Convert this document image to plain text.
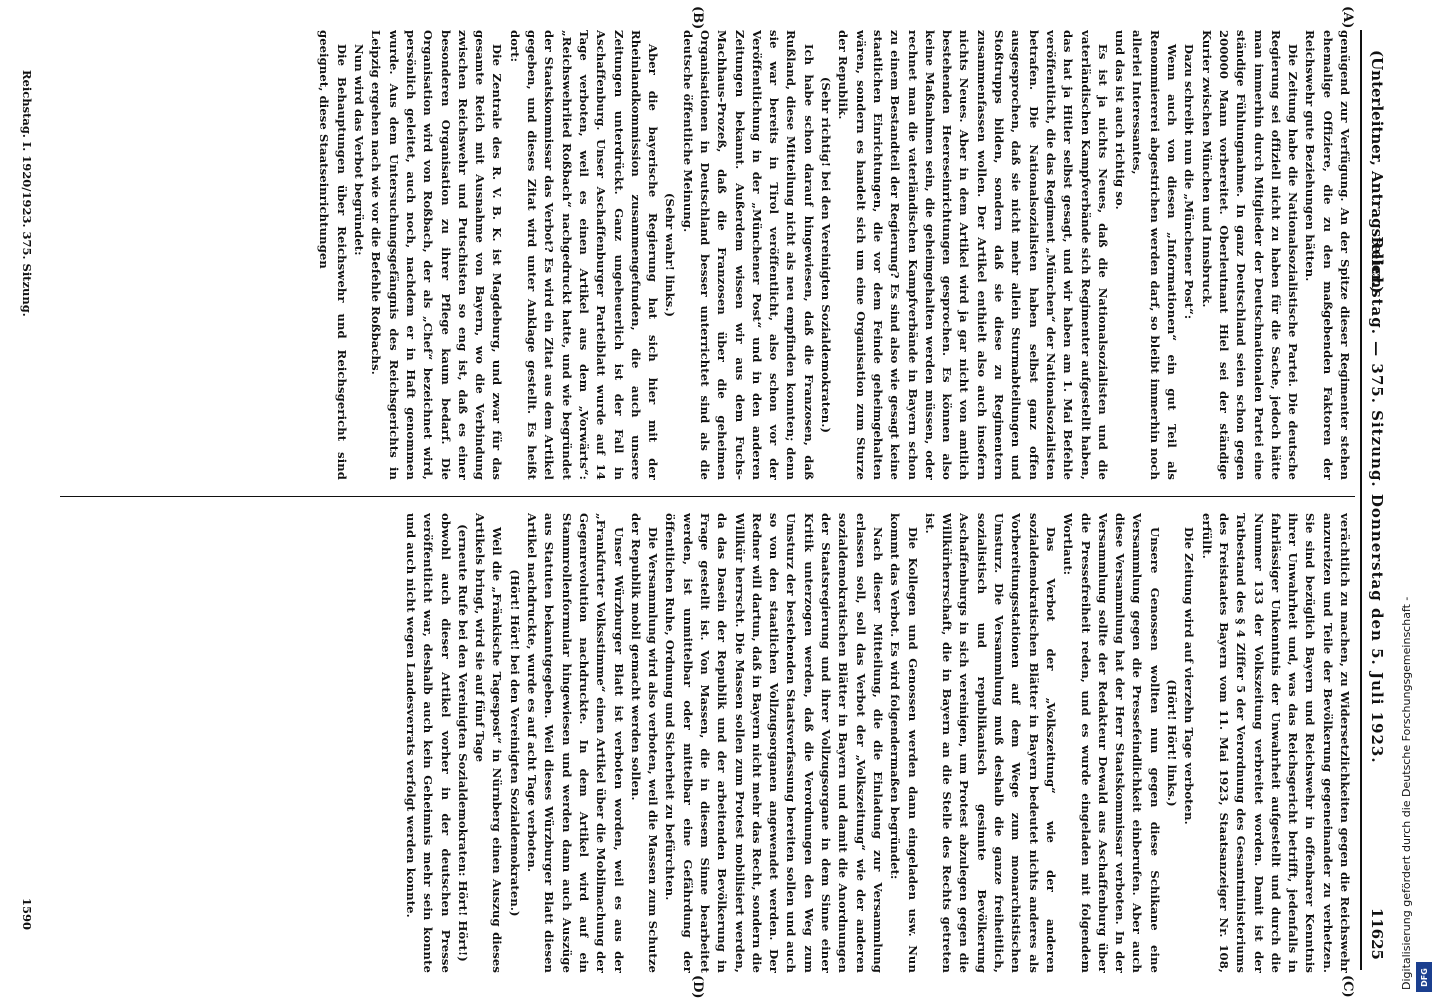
(Unterleitner, Antragsteller.)
Reichstag. — 375. Sitzung. Donnerstag den 5. Juli 1923.
11625
(A)
(B)
(C)
(D)

genügend zur Verfügung. An der Spitze dieser Regimenter stehen ehemalige Offiziere, die zu den maßgebenden Faktoren der Reichswehr gute Beziehungen hätten.

Die Zeitung habe die Nationalsozialistische Partei. Die deutsche Regierung sei offiziell nicht zu haben für die Sache, jedoch hätte man immerhin durch Mitglieder der Deutschnationalen Partei eine ständige Fühlungnahme. In ganz Deutschland seien schon gegen 200000 Mann vorbereitet. Oberleutnant Hiel sei der ständige Kurier zwischen München und Innsbruck.

Dazu schreibt nun die „Münchener Post“:

Wenn auch von diesen „Informationen“ ein gut Teil als Renommiererei abgestrichen werden darf, so bleibt immerhin noch allerlei Interessantes,

und das ist auch richtig so.

Es ist ja nichts Neues, daß die Nationalsozialisten und die vaterländischen Kampfverbände sich Regimenter aufgestellt haben, das hat ja Hitler selbst gesagt, und wir haben am 1. Mai Befehle veröffentlicht, die das Regiment „München“ der Nationalsozialisten betrafen. Die Nationalsozialisten haben selbst ganz offen ausgesprochen, daß sie nicht mehr allein Sturmabteilungen und Stoßtrupps bilden, sondern daß sie diese zu Regimentern zusammenfassen wollen. Der Artikel enthielt also auch insofern nichts Neues. Aber in dem Artikel wird ja gar nicht von amtlich bestehenden Heereseinrichtungen gesprochen. Es können also keine Maßnahmen sein, die geheimgehalten werden müssen, oder rechnet man die vaterländischen Kampfverbände in Bayern schon zu einem Bestandteil der Regierung? Es sind also wie gesagt keine staatlichen Einrichtungen, die vor dem Feinde geheimgehalten wären, sondern es handelt sich um eine Organisation zum Sturze der Republik.

(Sehr richtig! bei den Vereinigten Sozialdemokraten.)

Ich habe schon darauf hingewiesen, daß die Franzosen, daß Rußland, diese Mitteilung nicht als neu empfinden konnten; denn sie war bereits in Tirol veröffentlicht, also schon vor der Veröffentlichung in der „Münchener Post“ und in den anderen Zeitungen bekannt. Außerdem wissen wir aus dem Fuchs-Machhaus-Prozeß, daß die Franzosen über die geheimen Organisationen in Deutschland besser unterrichtet sind als die deutsche öffentliche Meinung.

(Sehr wahr! links.)

Aber die bayerische Regierung hat sich hier mit der Rheinlandkommission zusammengefunden, die auch unsere Zeitungen unterdrückt. Ganz ungeheuerlich ist der Fall in Aschaffenburg. Unser Aschaffenburger Parteiblatt wurde auf 14 Tage verboten, weil es einen Artikel aus dem „Vorwärts“: „Reichswehrlied Roßbach“ nachgedruckt hatte, und wie begründet der Staatskommissar das Verbot? Es wird ein Zitat aus dem Artikel gegeben, und dieses Zitat wird unter Anklage gestellt. Es heißt dort:

Die Zentrale des R. V. B. K. ist Magdeburg, und zwar für das gesamte Reich mit Ausnahme von Bayern, wo die Verbindung zwischen Reichswehr und Putschisten so eng ist, daß es einer besonderen Organisation zu ihrer Pflege kaum bedarf. Die Organisation wird von Roßbach, der als „Chef“ bezeichnet wird, persönlich geleitet, auch noch, nachdem er in Haft genommen wurde. Aus dem Untersuchungsgefängnis des Reichsgerichts in Leipzig ergehen nach wie vor die Befehle Roßbachs.

Nun wird das Verbot begründet:

Die Behauptungen über Reichswehr und Reichsgericht sind geeignet, diese Staatseinrichtungen

verächtlich zu machen, zu Widersetzlichkeiten gegen die Reichswehr anzureizen und Teile der Bevölkerung gegeneinander zu verhetzen. Sie sind bezüglich Bayern und Reichswehr in offenbarer Kenntnis ihrer Unwahrheit und, was das Reichsgericht betrifft, jedenfalls in fahrlässiger Unkenntnis der Unwahrheit aufgestellt und durch die Nummer 133 der Volkszeitung verbreitet worden. Damit ist der Tatbestand des § 4 Ziffer 5 der Verordnung des Gesamtministeriums des Freistaates Bayern vom 11. Mai 1923, Staatsanzeiger Nr. 108, erfüllt.

Die Zeitung wird auf vierzehn Tage verboten.

(Hört! Hört! links.)

Unsere Genossen wollten nun gegen diese Schikane eine Versammlung gegen die Pressefeindlichkeit einberufen. Aber auch diese Versammlung hat der Herr Staatskommissar verboten. In der Versammlung sollte der Redakteur Dewald aus Aschaffenburg über die Pressefreiheit reden, und es wurde eingeladen mit folgendem Wortlaut:

Das Verbot der „Volkszeitung“ wie der anderen sozialdemokratischen Blätter in Bayern bedeutet nichts anderes als Vorbereitungsstationen auf dem Wege zum monarchistischen Umsturz. Die Versammlung muß deshalb die ganze freiheitlich, sozialistisch und republikanisch gesinnte Bevölkerung Aschaffenburgs in sich vereinigen, um Protest abzulegen gegen die Willkürherrschaft, die in Bayern an die Stelle des Rechts getreten ist.

Die Kollegen und Genossen werden dann eingeladen usw. Nun kommt das Verbot. Es wird folgendermaßen begründet:

Nach dieser Mitteilung, die die Einladung zur Versammlung erlassen soll, soll das Verbot der „Volkszeitung“ wie der anderen sozialdemokratischen Blätter in Bayern und damit die Anordnungen der Staatsregierung und ihrer Vollzugsorgane in dem Sinne einer Kritik unterzogen werden, daß die Verordnungen den Weg zum Umsturz der bestehenden Staatsverfassung bereiten sollen und auch so von den staatlichen Vollzugsorganen angewendet werden. Der Redner will dartun, daß in Bayern nicht mehr das Recht, sondern die Willkür herrscht. Die Massen sollen zum Protest mobilisiert werden, da das Dasein der Republik und der arbeitenden Bevölkerung in Frage gestellt ist. Von Massen, die in diesem Sinne bearbeitet werden, ist unmittelbar oder mittelbar eine Gefährdung der öffentlichen Ruhe, Ordnung und Sicherheit zu befürchten.

Die Versammlung wird also verboten, weil die Massen zum Schutze der Republik mobil gemacht werden sollen.

Unser Würzburger Blatt ist verboten worden, weil es aus der „Frankfurter Volksstimme“ einen Artikel über die Mobilmachung der Gegenrevolution nachdruckte. In dem Artikel wird auf ein Stammrollenformular hingewiesen und werden dann auch Auszüge aus Statuten bekanntgegeben. Weil dieses Würzburger Blatt diesen Artikel nachdruckte, wurde es auf acht Tage verboten.

(Hört! Hört! bei den Vereinigten Sozialdemokraten.)

Weil die „Fränkische Tagespost“ in Nürnberg einen Auszug dieses Artikels bringt, wird sie auf fünf Tage

(erneute Rufe bei den Vereinigten Sozialdemokraten: Hört! Hört!)

obwohl auch dieser Artikel vorher in der deutschen Presse veröffentlicht war, deshalb auch kein Geheimnis mehr sein konnte und auch nicht wegen Landesverrats verfolgt werden konnte.

Reichstag. I. 1920/1923. 375. Sitzung.
1590	Digitalisierung gefördert durch die Deutsche Forschungsgemeinschaft - DFG
